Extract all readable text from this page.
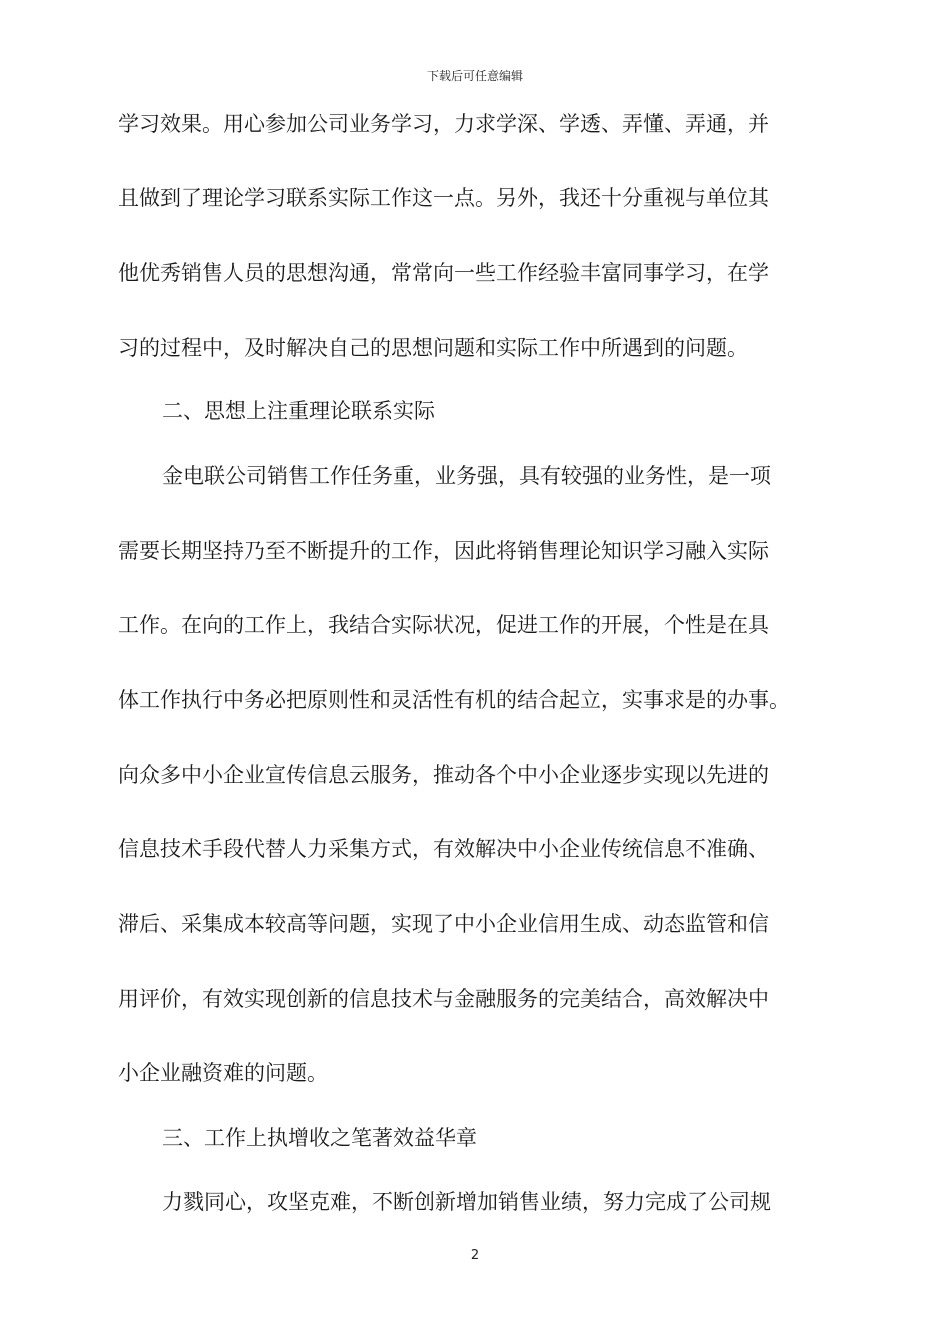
下载后可任意编辑
学习效果。用心参加公司业务学习，力求学深、学透、弄懂、弄通，并
且做到了理论学习联系实际工作这一点。另外，我还十分重视与单位其
他优秀销售人员的思想沟通，常常向一些工作经验丰富同事学习，在学
习的过程中，及时解决自己的思想问题和实际工作中所遇到的问题。
二、思想上注重理论联系实际
金电联公司销售工作任务重，业务强，具有较强的业务性，是一项
需要长期坚持乃至不断提升的工作，因此将销售理论知识学习融入实际
工作。在向的工作上，我结合实际状况，促进工作的开展，个性是在具
体工作执行中务必把原则性和灵活性有机的结合起立，实事求是的办事。
向众多中小企业宣传信息云服务，推动各个中小企业逐步实现以先进的
信息技术手段代替人力采集方式，有效解决中小企业传统信息不准确、
滞后、采集成本较高等问题，实现了中小企业信用生成、动态监管和信
用评价，有效实现创新的信息技术与金融服务的完美结合，高效解决中
小企业融资难的问题。
三、工作上执增收之笔著效益华章
力戮同心，攻坚克难，不断创新增加销售业绩，努力完成了公司规
2
